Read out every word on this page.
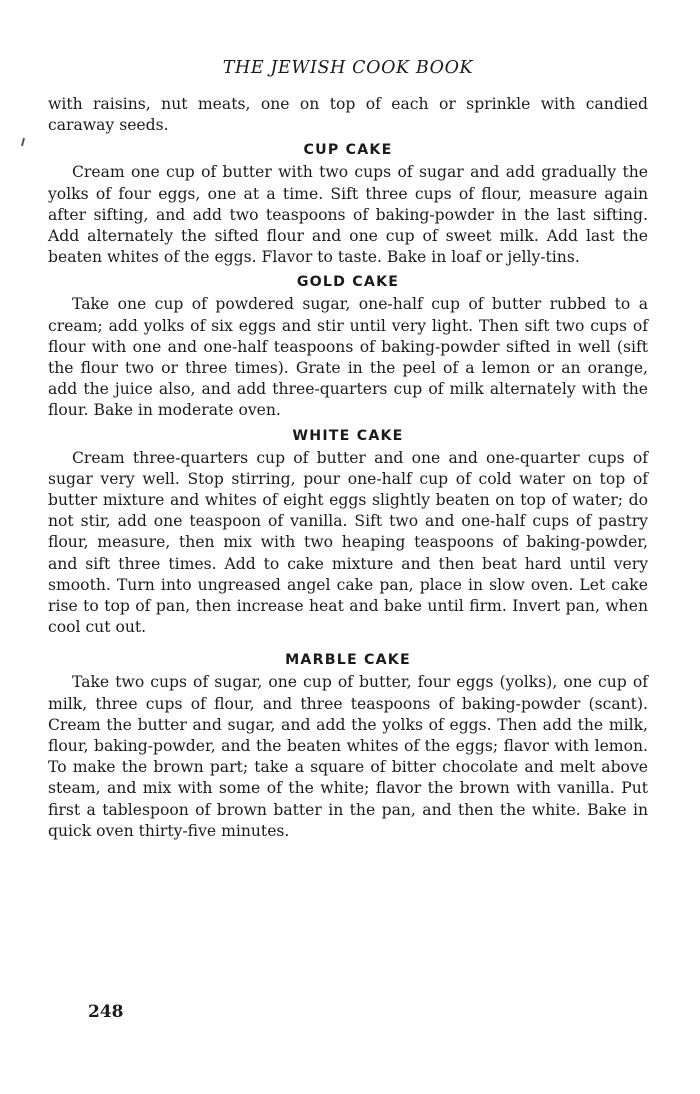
THE JEWISH COOK BOOK

with raisins, nut meats, one on top of each or sprinkle with candied caraway seeds.

CUP CAKE

Cream one cup of butter with two cups of sugar and add gradually the yolks of four eggs, one at a time. Sift three cups of flour, measure again after sifting, and add two teaspoons of baking-powder in the last sifting. Add alternately the sifted flour and one cup of sweet milk. Add last the beaten whites of the eggs. Flavor to taste. Bake in loaf or jelly-tins.

GOLD CAKE

Take one cup of powdered sugar, one-half cup of butter rubbed to a cream; add yolks of six eggs and stir until very light. Then sift two cups of flour with one and one-half teaspoons of baking-powder sifted in well (sift the flour two or three times). Grate in the peel of a lemon or an orange, add the juice also, and add three-quarters cup of milk alternately with the flour. Bake in moderate oven.

WHITE CAKE

Cream three-quarters cup of butter and one and one-quarter cups of sugar very well. Stop stirring, pour one-half cup of cold water on top of butter mixture and whites of eight eggs slightly beaten on top of water; do not stir, add one teaspoon of vanilla. Sift two and one-half cups of pastry flour, measure, then mix with two heaping teaspoons of baking-powder, and sift three times. Add to cake mixture and then beat hard until very smooth. Turn into ungreased angel cake pan, place in slow oven. Let cake rise to top of pan, then increase heat and bake until firm. Invert pan, when cool cut out.

MARBLE CAKE

Take two cups of sugar, one cup of butter, four eggs (yolks), one cup of milk, three cups of flour, and three teaspoons of baking-powder (scant). Cream the butter and sugar, and add the yolks of eggs. Then add the milk, flour, baking-powder, and the beaten whites of the eggs; flavor with lemon. To make the brown part; take a square of bitter chocolate and melt above steam, and mix with some of the white; flavor the brown with vanilla. Put first a tablespoon of brown batter in the pan, and then the white. Bake in quick oven thirty-five minutes.

248
